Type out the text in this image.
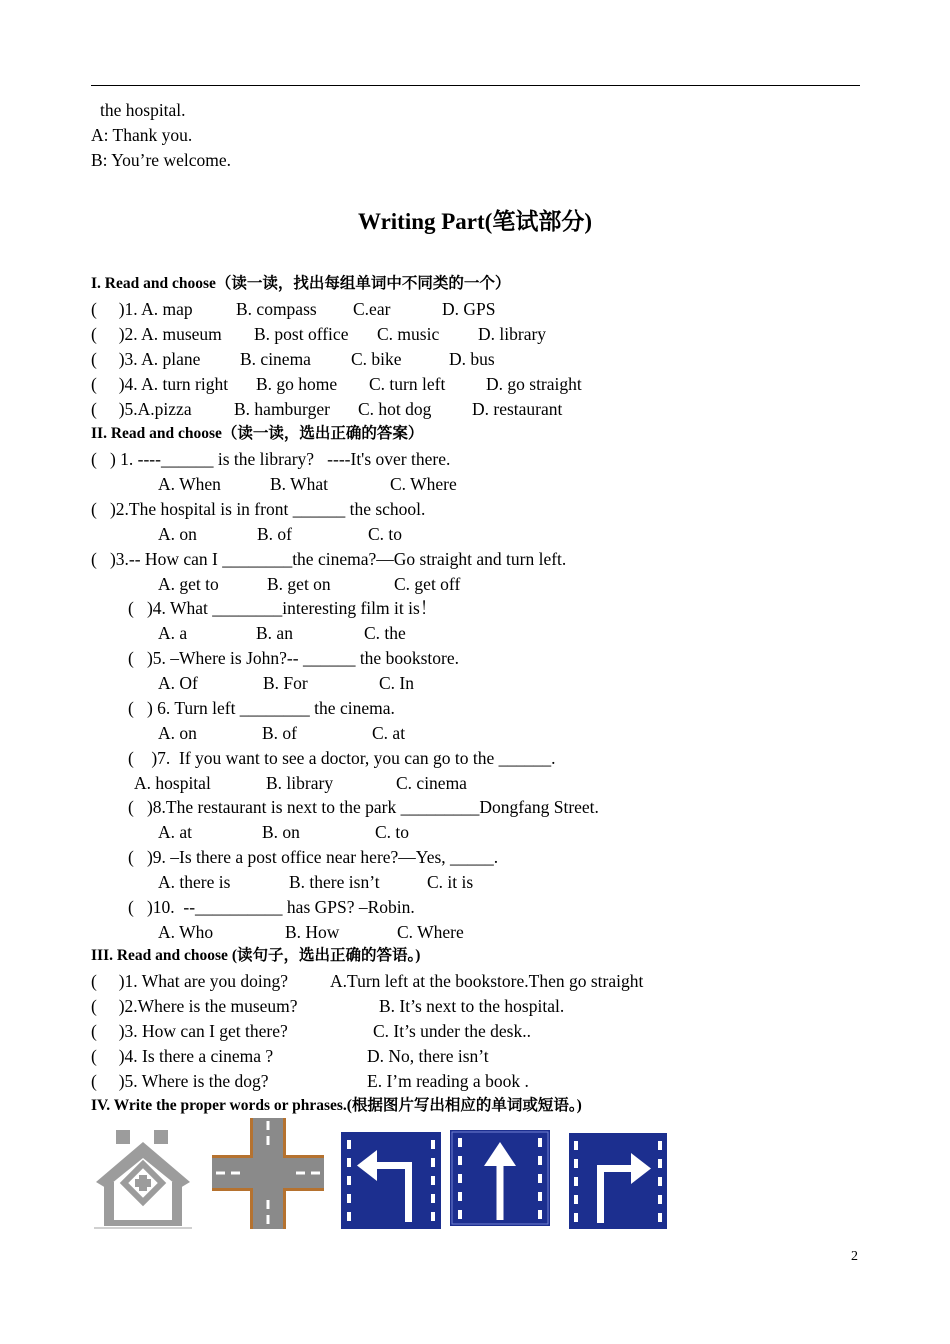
the hospital.
A: Thank you.
B: You’re welcome.
Writing Part(笔试部分)
I. Read and choose（读一读，找出每组单词中不同类的一个）
(     )1. A. map B. compass C.ear	D. GPS
(     )2. A. museum B. post office C. music D. library
(     )3. A. plane B. cinema C. bike	D. bus
(     )4. A. turn right B. go home C. turn left D. go straight
(     )5.A.pizza B. hamburger C. hot dog D. restaurant
II. Read and choose（读一读，选出正确的答案）
(   ) 1. ----______ is the library?   ----It's over there.
A. When	B. What	C. Where
(   )2.The hospital is in front ______ the school.
A. on	B. of	C. to
(   )3.-- How can I ________the cinema?—Go straight and turn left.
A. get to	B. get on	C. get off
(   )4. What ________interesting film it is！
A. a	B. an	C. the
(   )5. –Where is John?-- ______ the bookstore.
A. Of	B. For	C. In
(   ) 6. Turn left ________ the cinema.
A. on	B. of	C. at
(    )7.  If you want to see a doctor, you can go to the ______.
A. hospital	B. library	C. cinema
(   )8.The restaurant is next to the park _________Dongfang Street.
A. at	B. on	C. to
(   )9. –Is there a post office near here?—Yes, _____.
A. there is	B. there isn’t	C. it is
(   )10.  --__________ has GPS? –Robin.
A. Who	B. How	C. Where
III. Read and choose (读句子，选出正确的答语。)
(     )1. What are you doing? A.Turn left at the bookstore.Then go straight
(     )2.Where is the museum?	B. It’s next to the hospital.
(     )3. How can I get there?	C. It’s under the desk..
(     )4. Is there a cinema ?	D. No, there isn’t
(     )5. Where is the dog?	E. I’m reading a book .
IV. Write the proper words or phrases.(根据图片写出相应的单词或短语。)
2
